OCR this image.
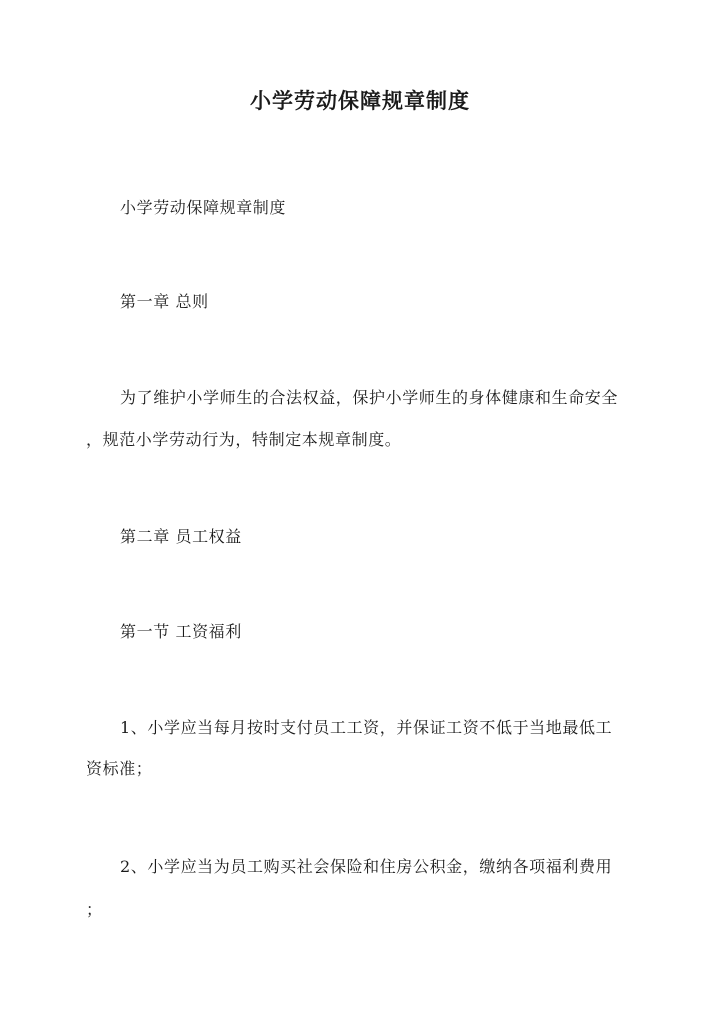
小学劳动保障规章制度
小学劳动保障规章制度
第一章 总则
为了维护小学师生的合法权益，保护小学师生的身体健康和生命安全
，规范小学劳动行为，特制定本规章制度。
第二章 员工权益
第一节 工资福利
1、小学应当每月按时支付员工工资，并保证工资不低于当地最低工
资标准；
2、小学应当为员工购买社会保险和住房公积金，缴纳各项福利费用
；
